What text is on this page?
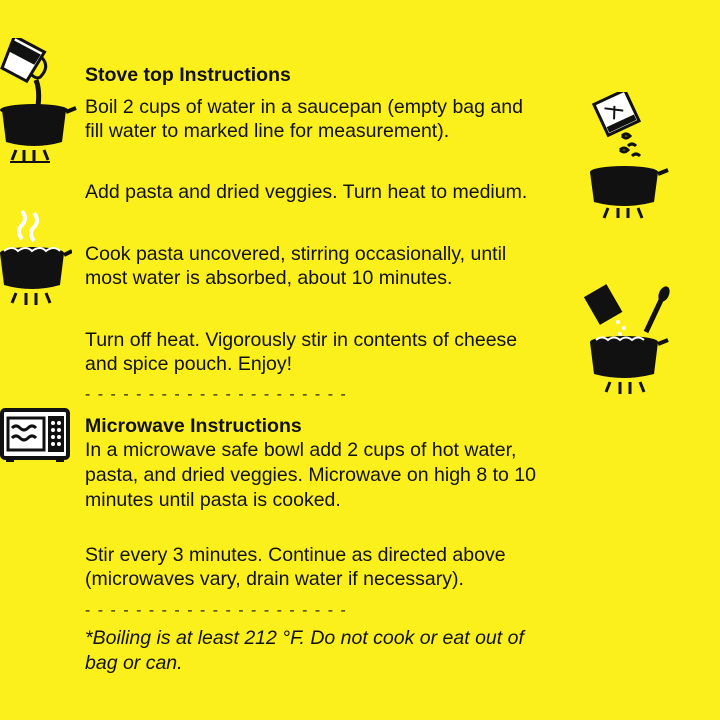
Stove top Instructions

Boil 2 cups of water in a saucepan (empty bag and

fill water to marked line for measurement).

Add pasta and dried veggies. Turn heat to medium.

Cook pasta uncovered, stirring occasionally, until

most water is absorbed, about 10 minutes.

Turn off heat. Vigorously stir in contents of cheese

and spice pouch. Enjoy!

- - - - - - - - - - - - - - - - - - - - -

Microwave Instructions

In a microwave safe bowl add 2 cups of hot water,

pasta, and dried veggies. Microwave on high 8 to 10

minutes until pasta is cooked.

Stir every 3 minutes. Continue as directed above

(microwaves vary, drain water if necessary).

- - - - - - - - - - - - - - - - - - - - -

*Boiling is at least 212 °F. Do not cook or eat out of

bag or can.
